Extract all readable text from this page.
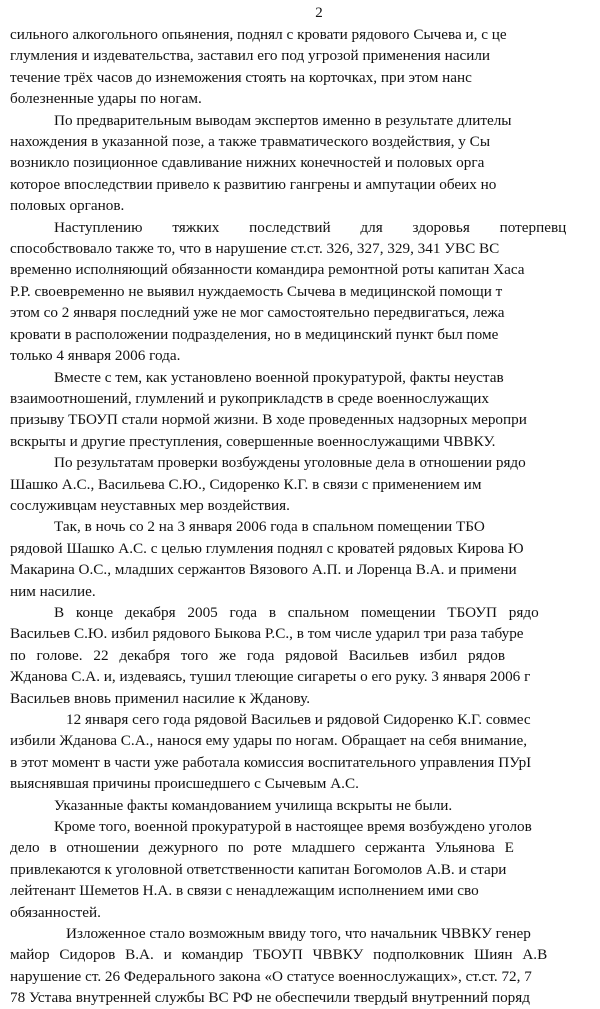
2
сильного алкогольного опьянения, поднял с кровати рядового Сычева и, с це
глумления и издевательства, заставил его под угрозой применения насили
течение трёх часов до изнеможения стоять на корточках, при этом нанс
болезненные удары по ногам.
По предварительным выводам экспертов именно в результате длителы
нахождения в указанной позе, а также травматического воздействия, у Сы
возникло позиционное сдавливание нижних конечностей и половых орга
которое впоследствии привело к развитию гангрены и ампутации обеих но
половых органов.
Наступлению тяжких последствий для здоровья потерпевц
способствовало также то, что в нарушение ст.ст. 326, 327, 329, 341 УВС ВС
временно исполняющий обязанности командира ремонтной роты капитан Хаса
Р.Р. своевременно не выявил нуждаемость Сычева в медицинской помощи т
этом со 2 января последний уже не мог самостоятельно передвигаться, лежа
кровати в расположении подразделения, но в медицинский пункт был поме
только 4 января 2006 года.
Вместе с тем, как установлено военной прокуратурой, факты неустав
взаимоотношений, глумлений и рукоприкладств в среде военнослужащих
призыву ТБОУП стали нормой жизни. В ходе проведенных надзорных меропри
вскрыты и другие преступления, совершенные военнослужащими ЧВВКУ.
По результатам проверки возбуждены уголовные дела в отношении рядо
Шашко А.С., Васильева С.Ю., Сидоренко К.Г. в связи с применением им
сослуживцам неуставных мер воздействия.
Так, в ночь со 2 на 3 января 2006 года в спальном помещении ТБО
рядовой Шашко А.С. с целью глумления поднял с кроватей рядовых Кирова Ю
Макарина О.С., младших сержантов Вязового А.П. и Лоренца В.А. и примени
ним насилие.
В конце декабря 2005 года в спальном помещении ТБОУП рядо
Васильев С.Ю. избил рядового Быкова Р.С., в том числе ударил три раза табуре
по голове. 22 декабря того же года рядовой Васильев избил рядов
Жданова С.А. и, издеваясь, тушил тлеющие сигареты о его руку. 3 января 2006 г
Васильев вновь применил насилие к Жданову.
12 января сего года рядовой Васильев и рядовой Сидоренко К.Г. совмес
избили Жданова С.А., нанося ему удары по ногам. Обращает на себя внимание,
в этот момент в части уже работала комиссия воспитательного управления ПУрІ
выяснявшая причины происшедшего с Сычевым А.С.
Указанные факты командованием училища вскрыты не были.
Кроме того, военной прокуратурой в настоящее время возбуждено уголов
дело в отношении дежурного по роте младшего сержанта Ульянова Е
привлекаются к уголовной ответственности капитан Богомолов А.В. и стари
лейтенант Шеметов Н.А. в связи с ненадлежащим исполнением ими сво
обязанностей.
Изложенное стало возможным ввиду того, что начальник ЧВВКУ генер
майор Сидоров В.А. и командир ТБОУП ЧВВКУ подполковник Шиян А.В
нарушение ст. 26 Федерального закона «О статусе военнослужащих», ст.ст. 72, 7
78 Устава внутренней службы ВС РФ не обеспечили твердый внутренний поряд
